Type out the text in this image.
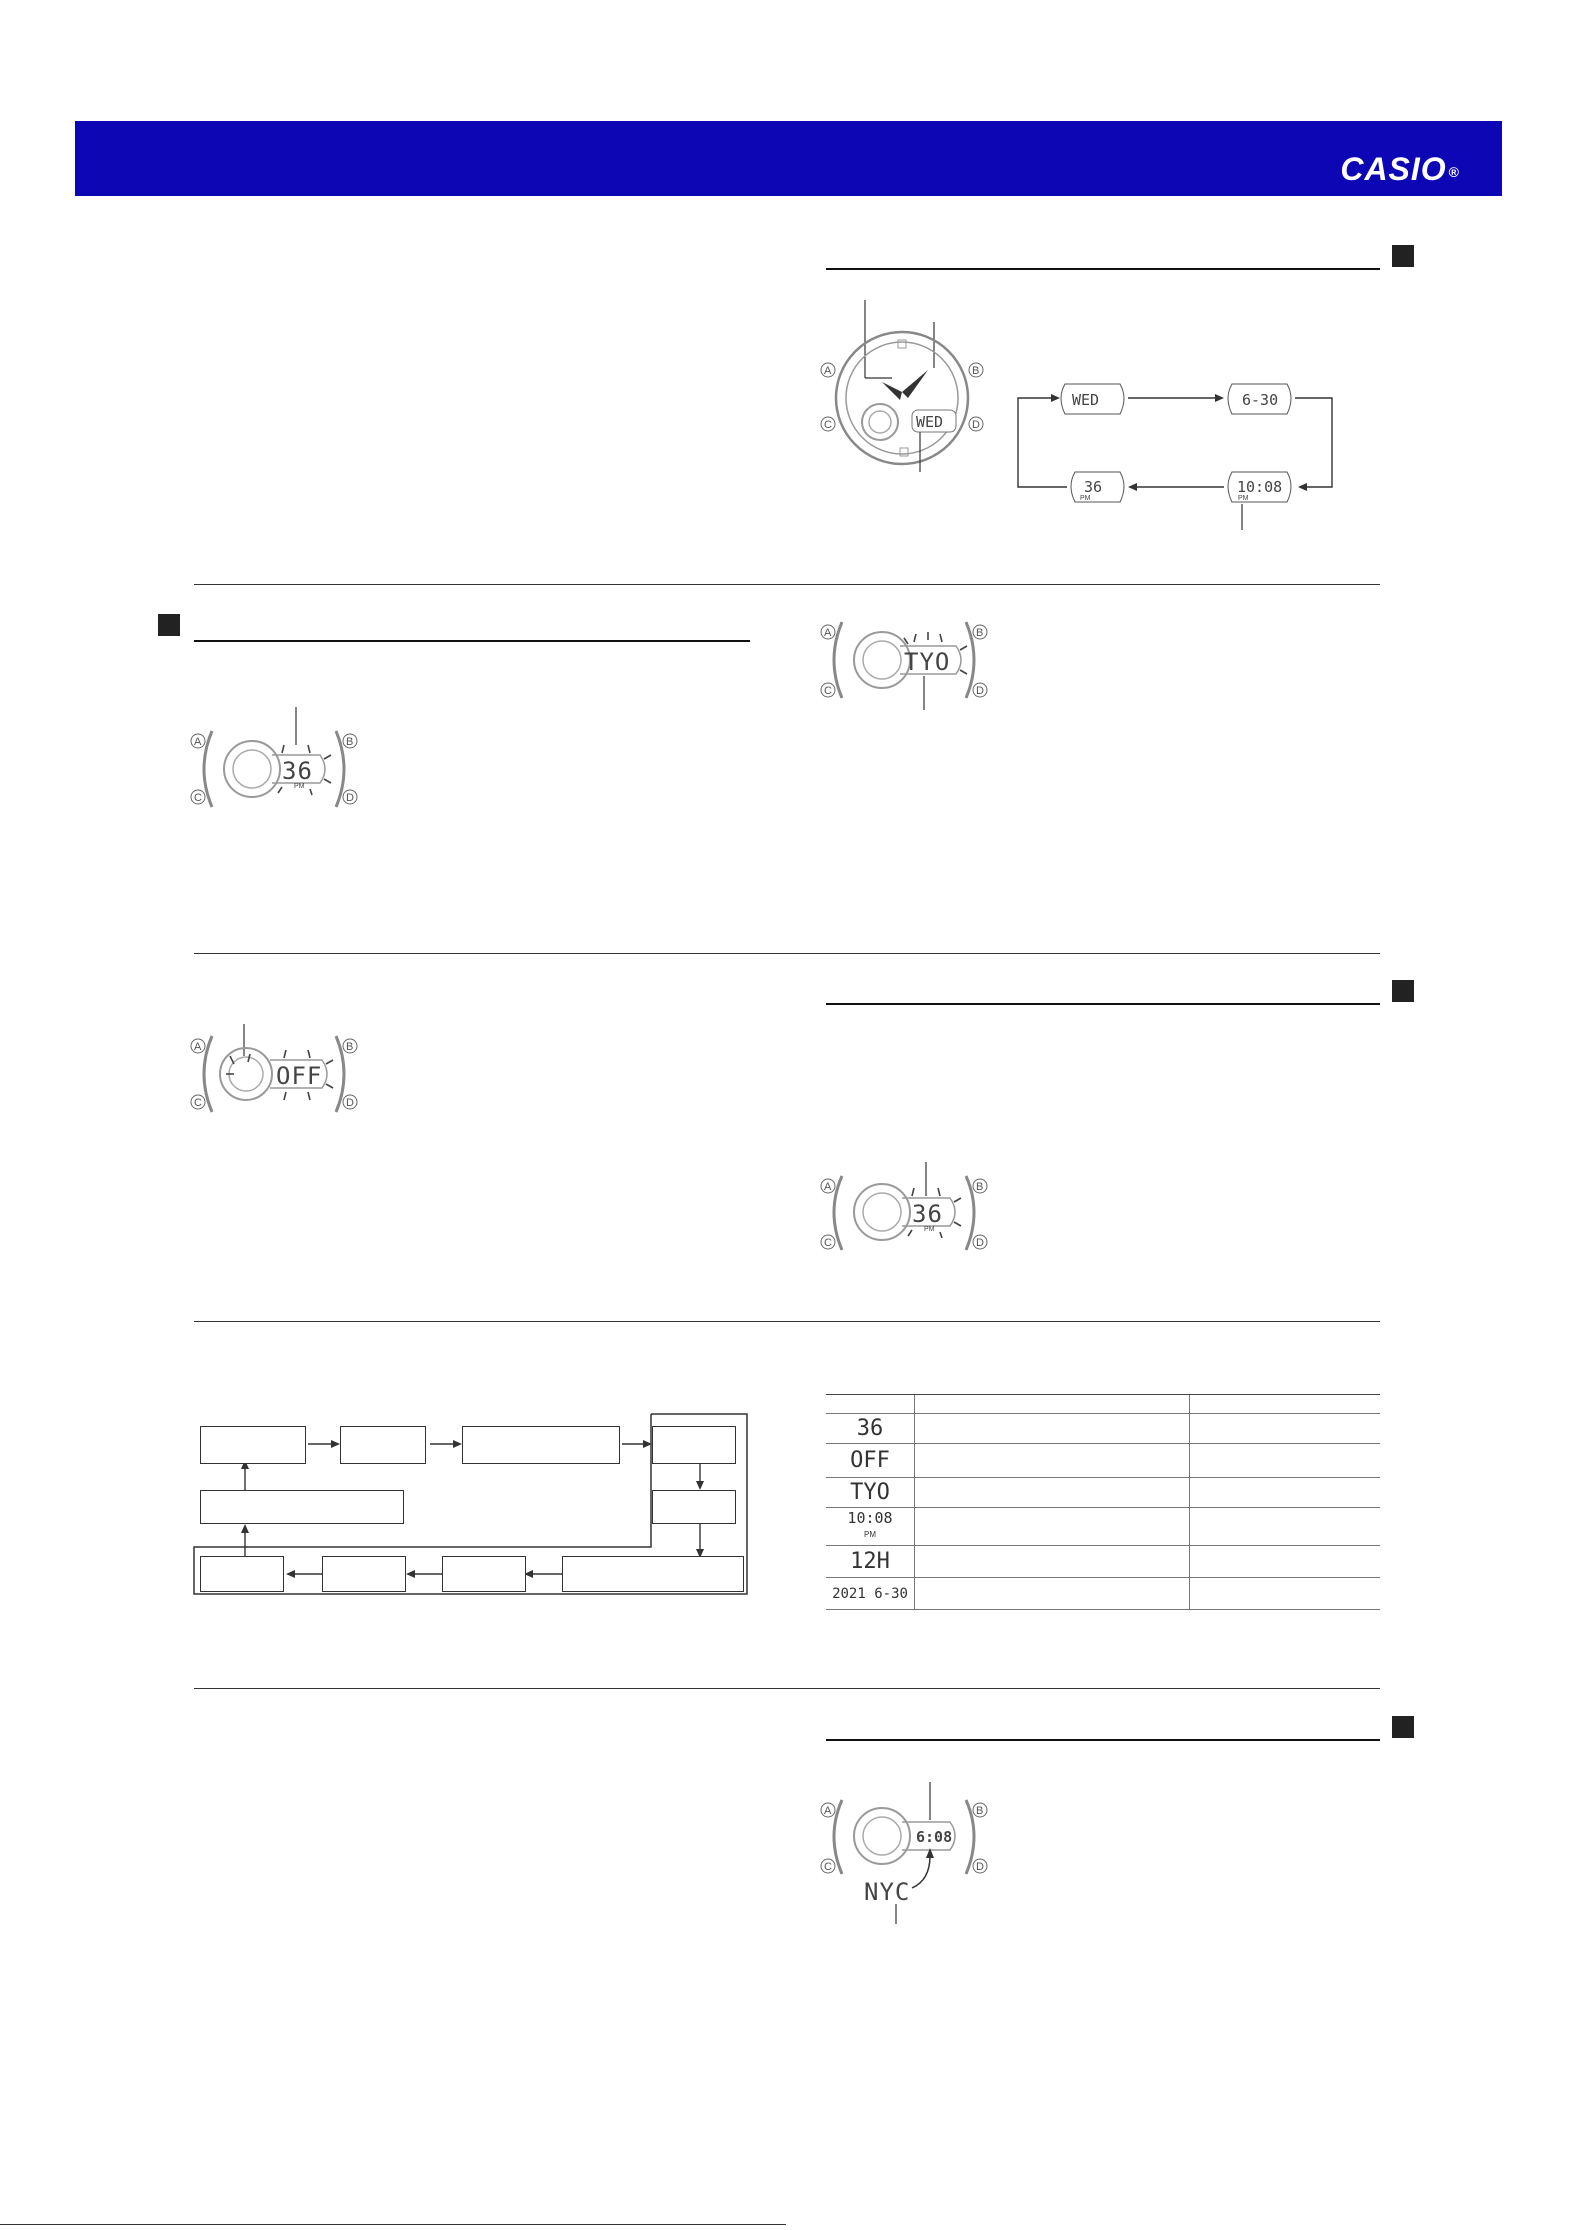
CASIO ®
WED
A	B
C	D
WED	6-30
10:08
PM
36
PM
TYO
A	B
C	D
36
PM
A	B
C	D
OFF
A	B
C	D
36
PM
A	B
C	D

36		
OFF		
TYO		
10:08
PM		
12H		
2021 6-30		
6:08
NYC
A	B
C	D
